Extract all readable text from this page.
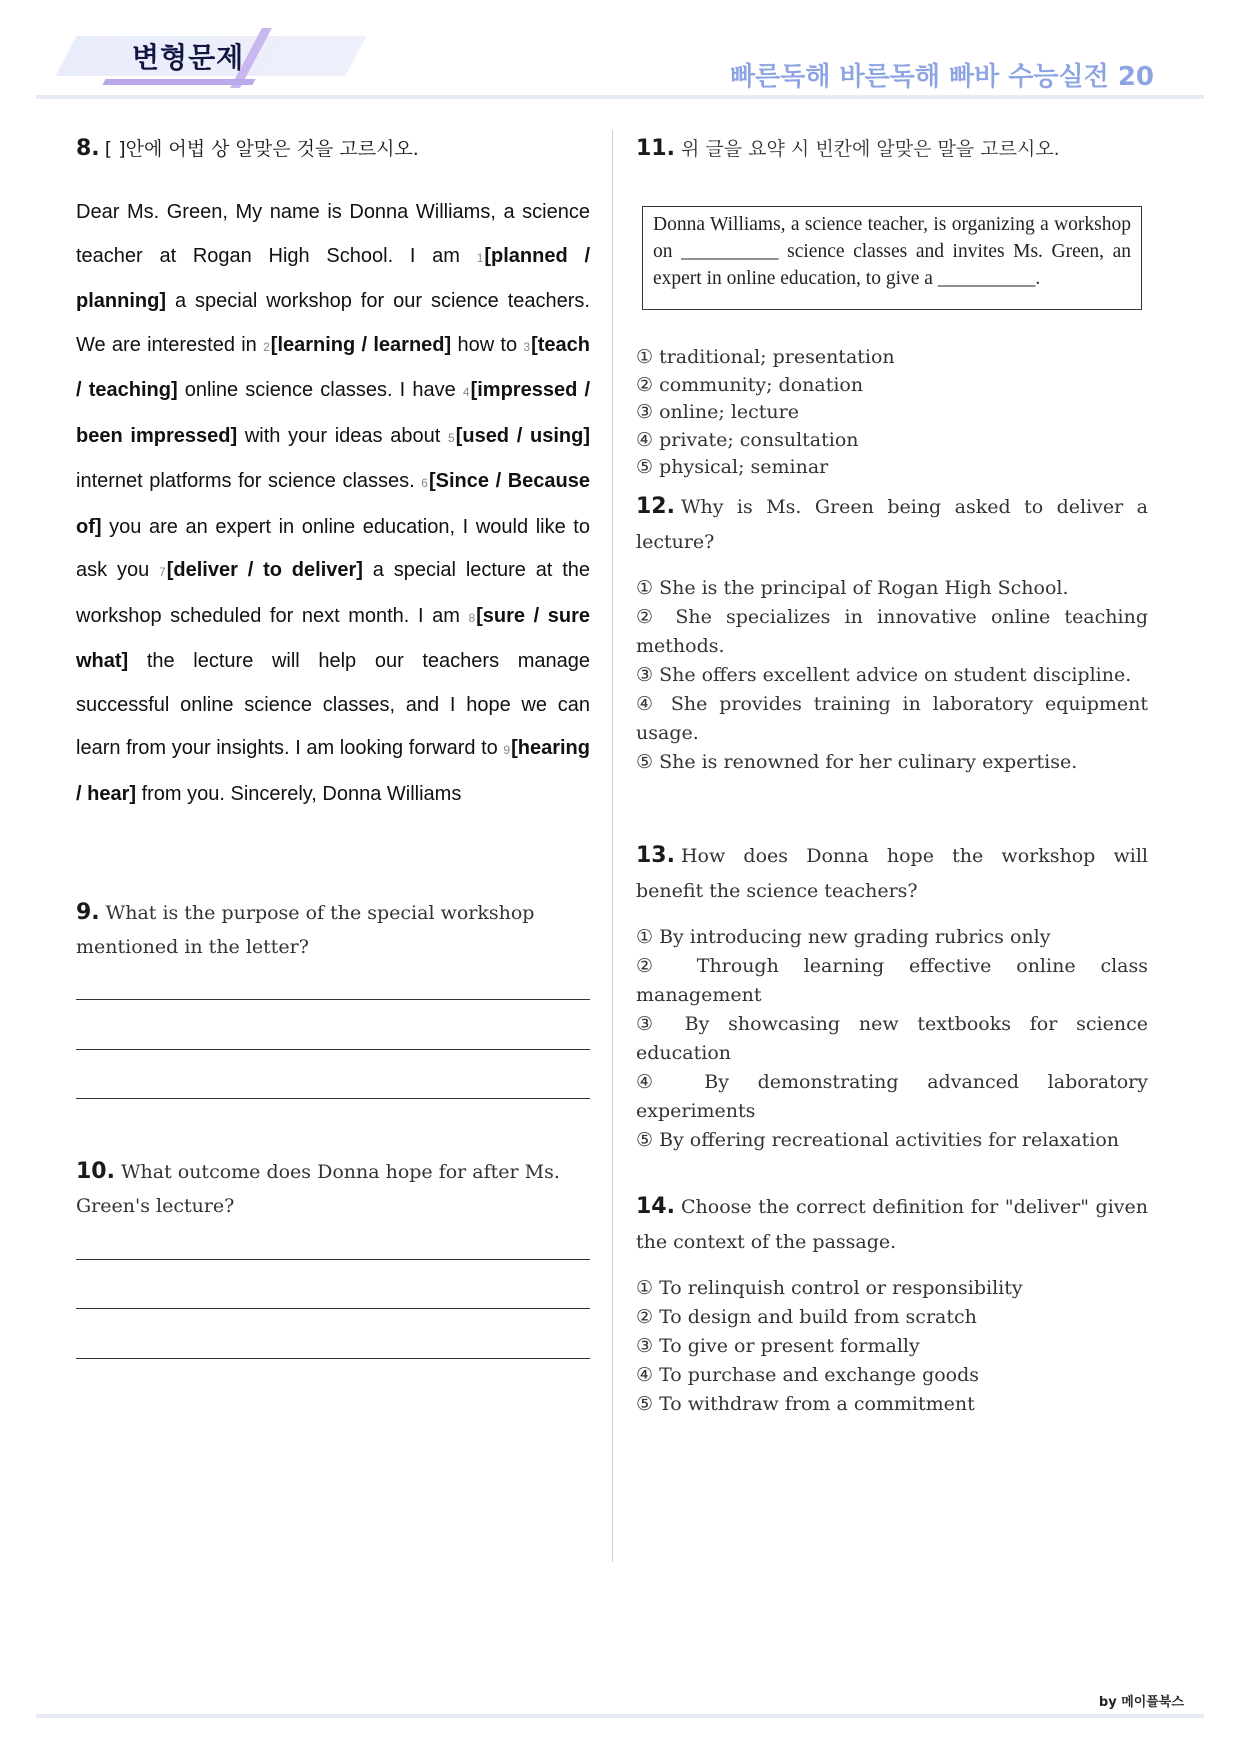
변형문제
빠른독해 바른독해 빠바 수능실전 20
8. [ ]안에 어법 상 알맞은 것을 고르시오.
Dear Ms. Green, My name is Donna Williams, a science teacher at Rogan High School. I am 1[planned / planning] a special workshop for our science teachers. We are interested in 2[learning / learned] how to 3[teach / teaching] online science classes. I have 4[impressed / been impressed] with your ideas about 5[used / using] internet platforms for science classes. 6[Since / Because of] you are an expert in online education, I would like to ask you 7[deliver / to deliver] a special lecture at the workshop scheduled for next month. I am 8[sure / sure what] the lecture will help our teachers manage successful online science classes, and I hope we can learn from your insights. I am looking forward to 9[hearing / hear] from you. Sincerely, Donna Williams
9. What is the purpose of the special workshop mentioned in the letter?
10. What outcome does Donna hope for after Ms. Green's lecture?
11. 위 글을 요약 시 빈칸에 알맞은 말을 고르시오.
Donna Williams, a science teacher, is organizing a workshop on __________ science classes and invites Ms. Green, an expert in online education, to give a __________.
① traditional; presentation
② community; donation
③ online; lecture
④ private; consultation
⑤ physical; seminar
12. Why is Ms. Green being asked to deliver a lecture?
① She is the principal of Rogan High School.
② She specializes in innovative online teaching methods.
③ She offers excellent advice on student discipline.
④ She provides training in laboratory equipment usage.
⑤ She is renowned for her culinary expertise.
13. How does Donna hope the workshop will benefit the science teachers?
① By introducing new grading rubrics only
② Through learning effective online class management
③ By showcasing new textbooks for science education
④ By demonstrating advanced laboratory experiments
⑤ By offering recreational activities for relaxation
14. Choose the correct definition for "deliver" given the context of the passage.
① To relinquish control or responsibility
② To design and build from scratch
③ To give or present formally
④ To purchase and exchange goods
⑤ To withdraw from a commitment
by 메이플북스
